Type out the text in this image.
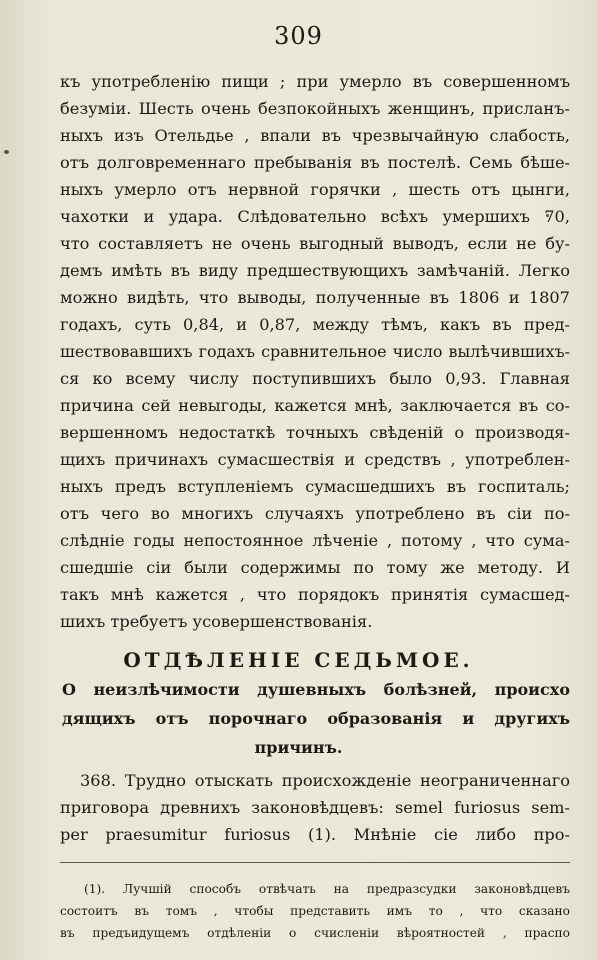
309
къ употребленію пищи ; при умерло въ совершенномъ
безуміи. Шесть очень безпокойныхъ женщинъ, присланъ-
ныхъ изъ Отельдье , впали въ чрезвычайную слабость,
отъ долговременнаго пребыванія въ постелѣ. Семь бѣше-
ныхъ умерло отъ нервной горячки , шесть отъ цынги,
чахотки и удара. Слѣдовательно всѣхъ умершихъ 70,
что составляетъ не очень выгодный выводъ, если не бу-
демъ имѣть въ виду предшествующихъ замѣчаній. Легко
можно видѣть, что выводы, полученные въ 1806 и 1807
годахъ, суть 0,84, и 0,87, между тѣмъ, какъ въ пред-
шествовавшихъ годахъ сравнительное число вылѣчившихъ-
ся ко всему числу поступившихъ было 0,93. Главная
причина сей невыгоды, кажется мнѣ, заключается въ со-
вершенномъ недостаткѣ точныхъ свѣденій о производя-
щихъ причинахъ сумасшествія и средствъ , употреблен-
ныхъ предъ вступленіемъ сумасшедшихъ въ госпиталь;
отъ чего во многихъ случаяхъ употреблено въ сіи по-
слѣдніе годы непостоянное лѣченіе , потому , что сума-
сшедшіе сіи были содержимы по тому же методу. И
такъ мнѣ кажется , что порядокъ принятія сумасшед-
шихъ требуетъ усовершенствованія.
ОТДѢЛЕНІЕ СЕДЬМОЕ.
О неизлѣчимости душевныхъ болѣзней, происхо
дящихъ отъ порочнаго образованія и другихъ
причинъ.
368. Трудно отыскать происхожденіе неограниченнаго
приговора древнихъ законовѣдцевъ: semel furiosus sem-
per praesumitur furiosus (1). Мнѣніе сіе либо про-
(1). Лучшій способъ отвѣчать на предразсудки законовѣдцевъ
состоитъ въ томъ , чтобы представить имъ то , что сказано
въ предъидущемъ отдѣленіи о счисленіи вѣроятностей , праспо
